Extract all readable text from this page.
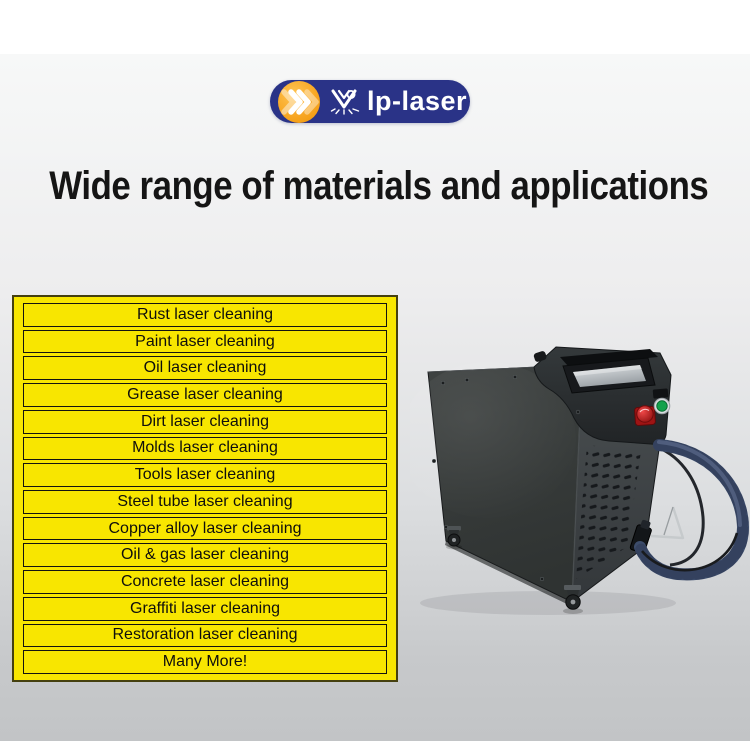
lp-laser
Wide range of materials and applications
Rust laser cleaning
Paint laser cleaning
Oil laser cleaning
Grease laser cleaning
Dirt laser cleaning
Molds laser cleaning
Tools laser cleaning
Steel tube laser cleaning
Copper alloy laser cleaning
Oil & gas laser cleaning
Concrete laser cleaning
Graffiti laser cleaning
Restoration laser cleaning
Many More!
